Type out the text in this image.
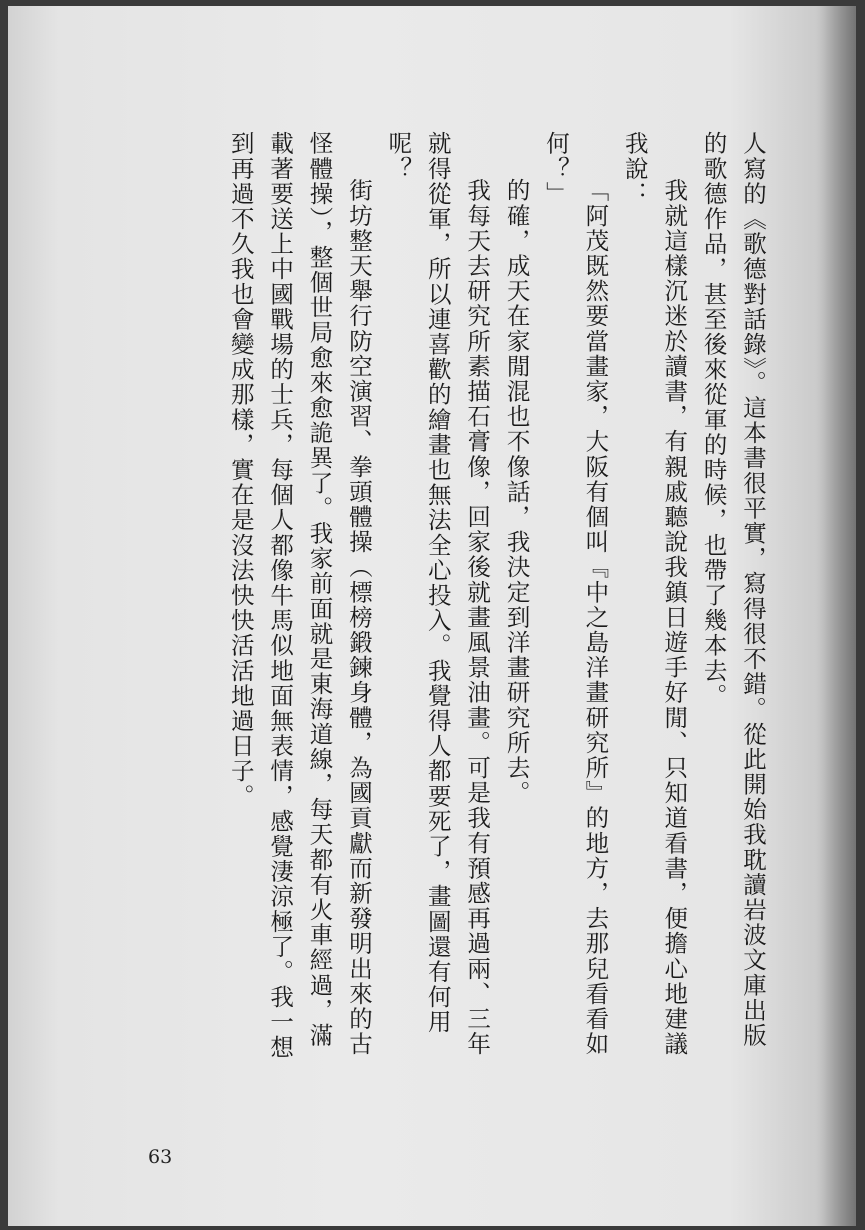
人寫的《歌德對話錄》。這本書很平實，寫得很不錯。從此開始我耽讀岩波文庫出版
的歌德作品，甚至後來從軍的時候，也帶了幾本去。
我就這樣沉迷於讀書，有親戚聽說我鎮日遊手好閒、只知道看書，便擔心地建議
我說：
「阿茂既然要當畫家，大阪有個叫『中之島洋畫研究所』的地方，去那兒看看如
何？」
的確，成天在家閒混也不像話，我決定到洋畫研究所去。
我每天去研究所素描石膏像，回家後就畫風景油畫。可是我有預感再過兩、三年
就得從軍，所以連喜歡的繪畫也無法全心投入。我覺得人都要死了，畫圖還有何用
呢？
街坊整天舉行防空演習、拳頭體操（標榜鍛鍊身體，為國貢獻而新發明出來的古
怪體操），整個世局愈來愈詭異了。我家前面就是東海道線，每天都有火車經過，滿
載著要送上中國戰場的士兵，每個人都像牛馬似地面無表情，感覺淒涼極了。我一想
到再過不久我也會變成那樣，實在是沒法快快活活地過日子。
63
